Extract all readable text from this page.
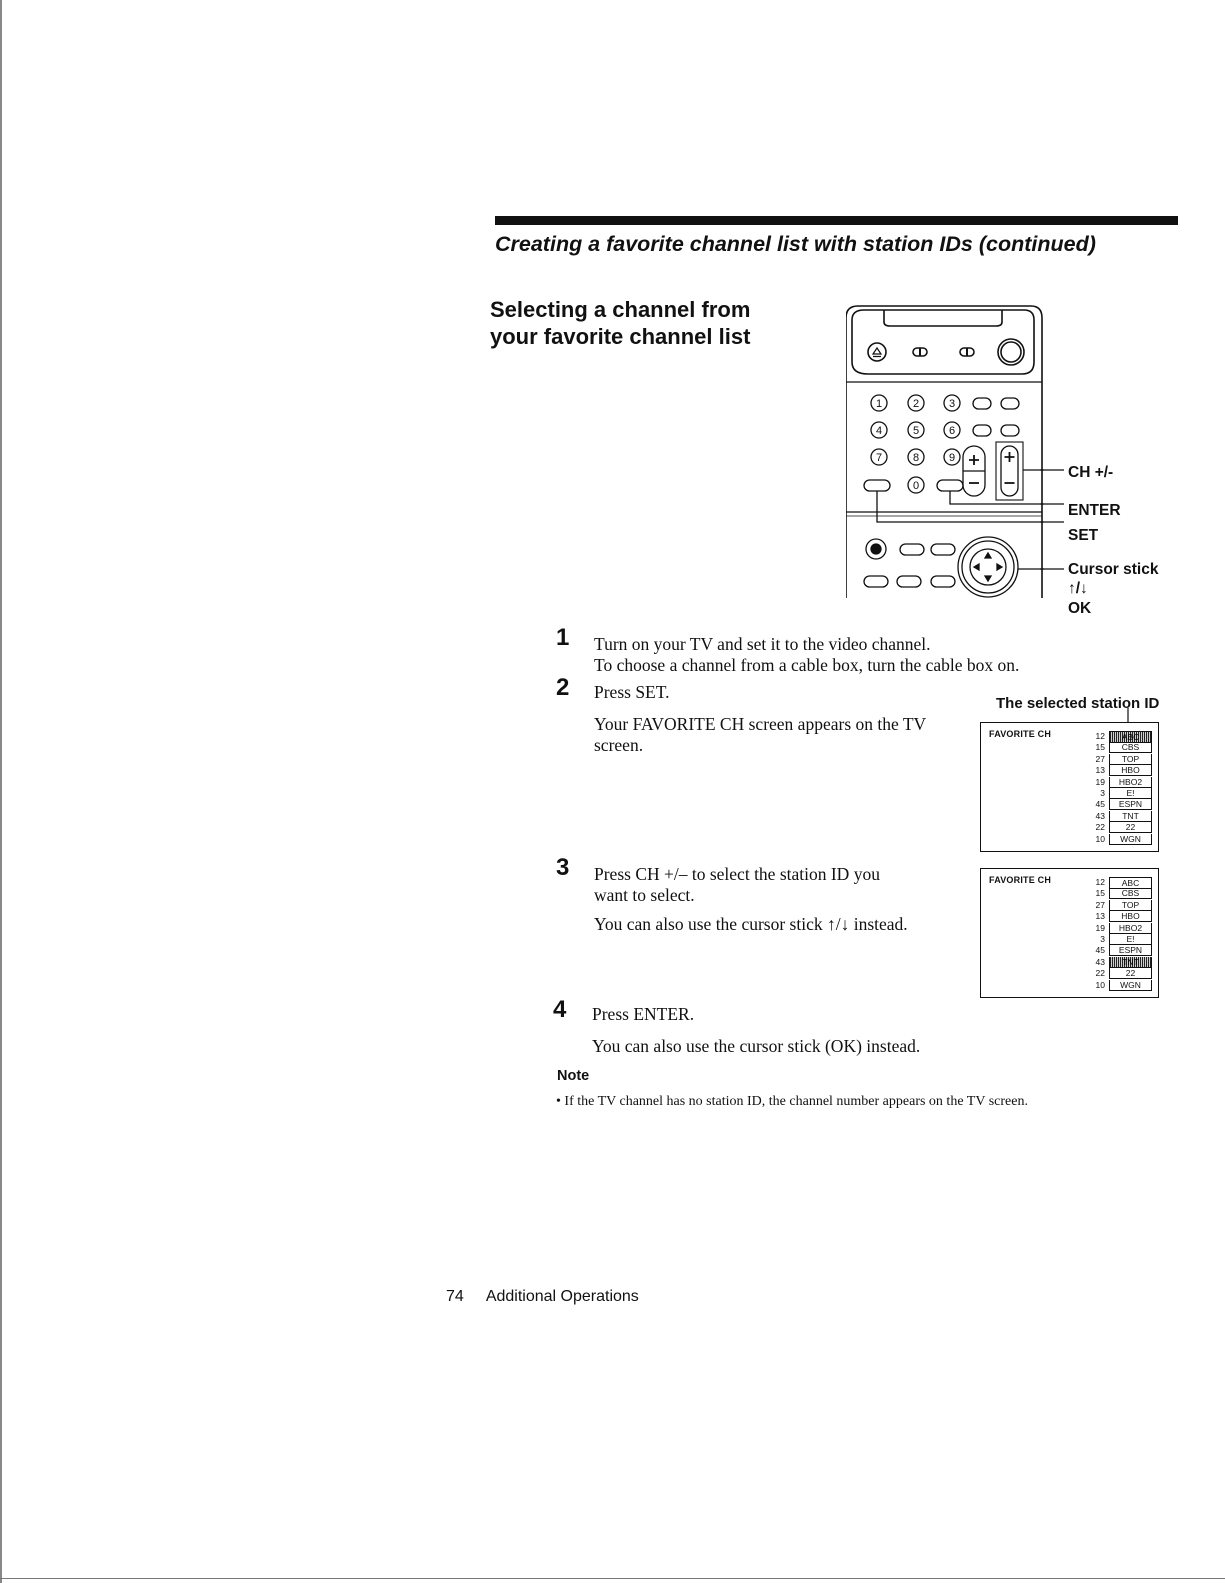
Creating a favorite channel list with station IDs (continued)
Selecting a channel from
your favorite channel list
1	2	3
4	5	6
7	8	9
0
CH +/-
ENTER
SET
Cursor stick
↑/↓
OK
1 Turn on your TV and set it to the video channel.
To choose a channel from a cable box, turn the cable box on.
2 Press SET.
Your FAVORITE CH screen appears on the TV
screen.
3 Press CH +/– to select the station ID you
want to select.
You can also use the cursor stick ↑/↓ instead.
4 Press ENTER.
You can also use the cursor stick (OK) instead.
The selected station ID
FAVORITE CH	12	ABC
15	CBS
27	TOP
13	HBO
19	HBO2
3	E!
45	ESPN
43	TNT
22	22
10	WGN
FAVORITE CH	12	ABC
15	CBS
27	TOP
13	HBO
19	HBO2
3	E!
45	ESPN
43	TNT
22	22
10	WGN
Note
• If the TV channel has no station ID, the channel number appears on the TV screen.
74 Additional Operations
